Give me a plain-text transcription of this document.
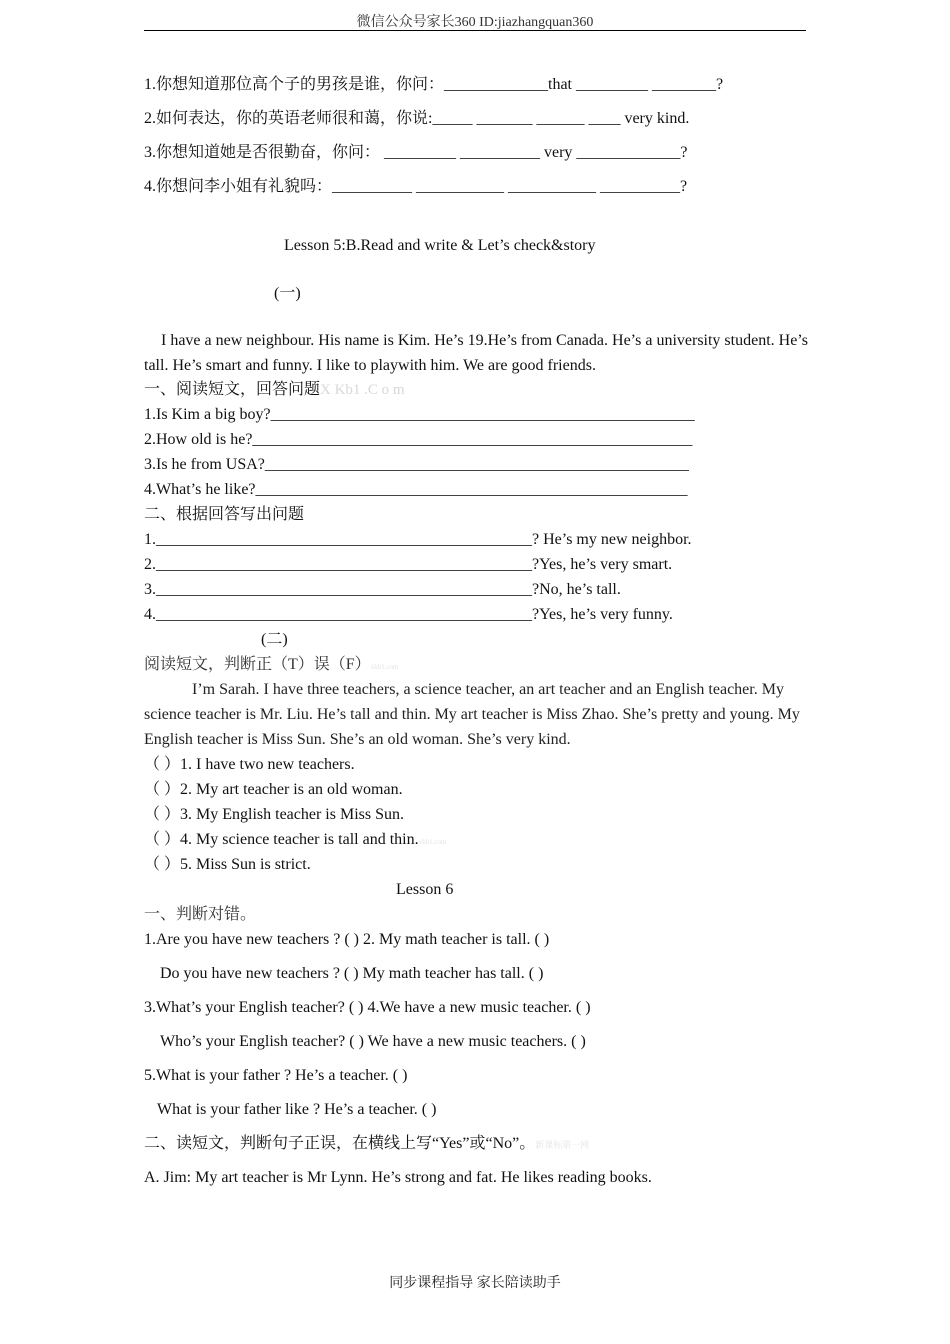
微信公众号家长360 ID:jiazhangquan360
1.你想知道那位高个子的男孩是谁，你问：_____________that _________ ________?
2.如何表达，你的英语老师很和蔼，你说:_____ _______ ______ ____ very kind.
3.你想知道她是否很勤奋，你问： _________ __________ very _____________?
4.你想问李小姐有礼貌吗：__________ ___________ ___________ __________?
Lesson 5:B.Read and write & Let’s check&story
(一)
I have a new neighbour. His name is Kim. He’s 19.He’s from Canada. He’s a university student. He’s tall. He’s smart and funny. I like to playwith him. We are good friends.
一、阅读短文，回答问题X Kb1 .C o m
1.Is Kim a big boy?_____________________________________________________
2.How old is he?_______________________________________________________
3.Is he from USA?_____________________________________________________
4.What’s he like?______________________________________________________
二、根据回答写出问题
1._______________________________________________? He’s my new neighbor.
2._______________________________________________?Yes, he’s very smart.
3._______________________________________________?No, he’s tall.
4._______________________________________________?Yes, he’s very funny.
(二)
阅读短文，判断正（T）误（F）xkb1.com
I’m Sarah. I have three teachers, a science teacher, an art teacher and an English teacher. My science teacher is Mr. Liu. He’s tall and thin. My art teacher is Miss Zhao. She’s pretty and young. My English teacher is Miss Sun. She’s an old woman. She’s very kind.
（ ）1. I have two new teachers.
（ ）2. My art teacher is an old woman.
（ ）3. My English teacher is Miss Sun.
（ ）4. My science teacher is tall and thin.xkb1.com
（ ）5. Miss Sun is strict.
Lesson 6
一、判断对错。
1.Are you have new teachers ? ( ) 2. My math teacher is tall. ( )
Do you have new teachers ? ( ) My math teacher has tall. ( )
3.What’s your English teacher? ( ) 4.We have a new music teacher. ( )
Who’s your English teacher? ( ) We have a new music teachers. ( )
5.What is your father ? He’s a teacher. ( )
What is your father like ? He’s a teacher. ( )
二、读短文，判断句子正误，在横线上写“Yes”或“No”。新课标第一网
A. Jim: My art teacher is Mr Lynn. He’s strong and fat. He likes reading books.
同步课程指导 家长陪读助手
